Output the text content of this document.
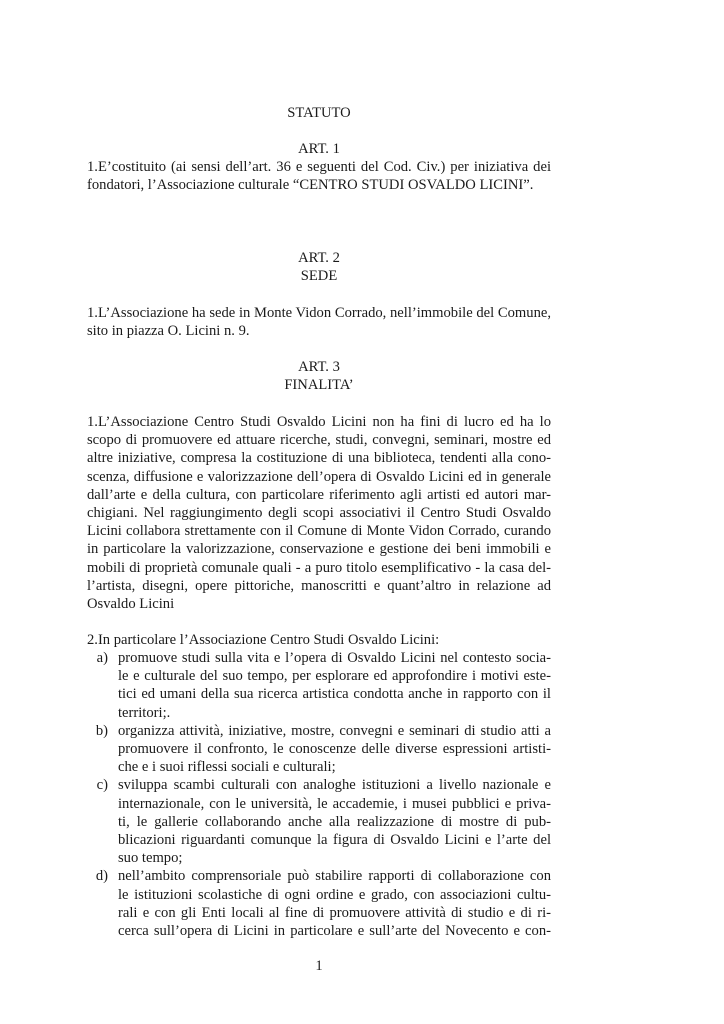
STATUTO
ART. 1
1.E’costituito (ai sensi dell’art. 36 e seguenti del Cod. Civ.) per iniziativa dei
fondatori, l’Associazione culturale “CENTRO STUDI OSVALDO LICINI”.
ART. 2
SEDE
1.L’Associazione ha sede in Monte Vidon Corrado, nell’immobile del Comune,
sito in piazza O. Licini n. 9.
ART. 3
FINALITA’
1.L’Associazione Centro Studi Osvaldo Licini non ha fini di lucro ed ha lo
scopo di promuovere ed attuare ricerche, studi, convegni, seminari, mostre ed
altre iniziative, compresa la costituzione di una biblioteca, tendenti alla cono-
scenza, diffusione e valorizzazione dell’opera di Osvaldo Licini ed in generale
dall’arte e della cultura, con particolare riferimento agli artisti ed autori mar-
chigiani. Nel raggiungimento degli scopi associativi il Centro Studi Osvaldo
Licini collabora strettamente con il Comune di Monte Vidon Corrado, curando
in particolare la valorizzazione, conservazione e gestione dei beni immobili e
mobili di proprietà comunale quali - a puro titolo esemplificativo - la casa del-
l’artista, disegni, opere pittoriche, manoscritti e quant’altro in relazione ad
Osvaldo Licini
2.In particolare l’Associazione Centro Studi Osvaldo Licini:
a) promuove studi sulla vita e l’opera di Osvaldo Licini nel contesto socia-
le e culturale del suo tempo, per esplorare ed approfondire i motivi este-
tici ed umani della sua ricerca artistica condotta anche in rapporto con il
territori;.
b) organizza attività, iniziative, mostre, convegni e seminari di studio atti a
promuovere il confronto, le conoscenze delle diverse espressioni artisti-
che e i suoi riflessi sociali e culturali;
c) sviluppa scambi culturali con analoghe istituzioni a livello nazionale e
internazionale, con le università, le accademie, i musei pubblici e priva-
ti, le gallerie collaborando anche alla realizzazione di mostre di pub-
blicazioni riguardanti comunque la figura di Osvaldo Licini e l’arte del
suo tempo;
d) nell’ambito comprensoriale può stabilire rapporti di collaborazione con
le istituzioni scolastiche di ogni ordine e grado, con associazioni cultu-
rali e con gli Enti locali al fine di promuovere attività di studio e di ri-
cerca sull’opera di Licini in particolare e sull’arte del Novecento e con-
1
